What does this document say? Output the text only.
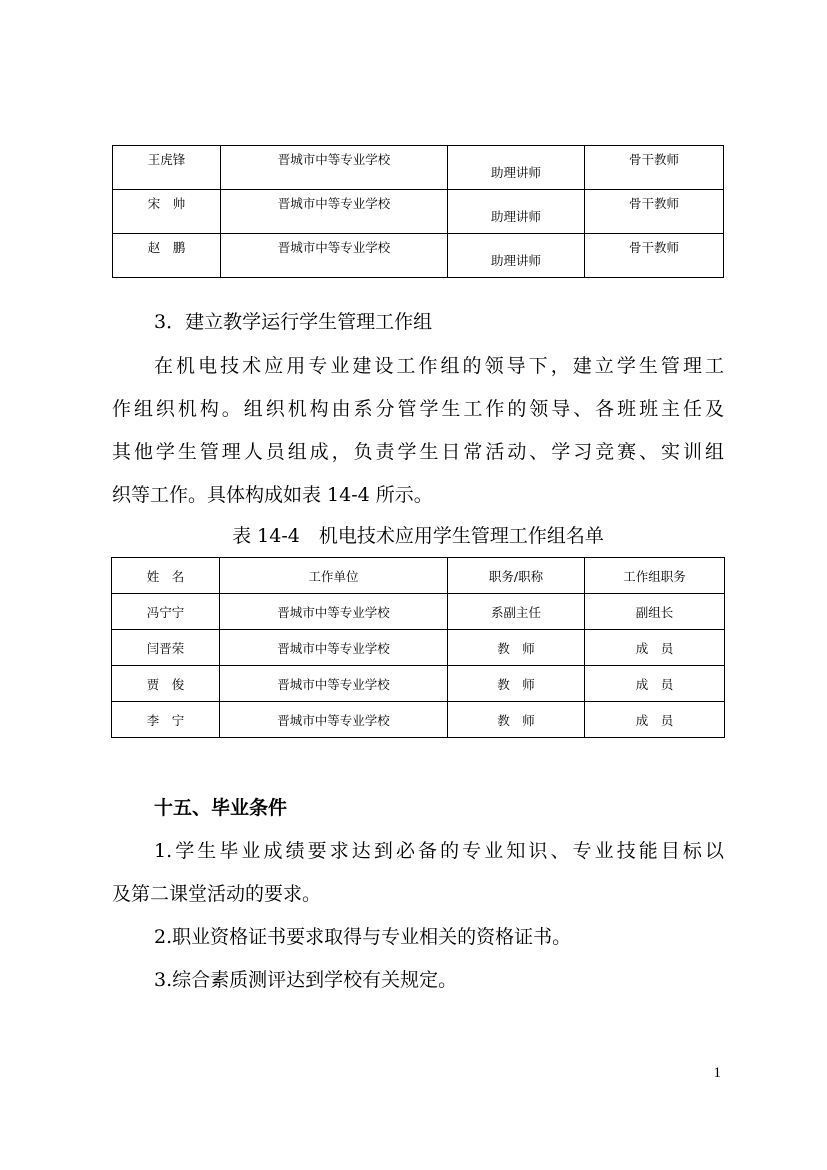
王虎锋	晋城市中等专业学校	助理讲师	骨干教师
宋　帅	晋城市中等专业学校	助理讲师	骨干教师
赵　鹏	晋城市中等专业学校	助理讲师	骨干教师

3．建立教学运行学生管理工作组

在机电技术应用专业建设工作组的领导下，建立学生管理工

作组织机构。组织机构由系分管学生工作的领导、各班班主任及

其他学生管理人员组成，负责学生日常活动、学习竞赛、实训组

织等工作。具体构成如表 14-4 所示。

表 14-4　机电技术应用学生管理工作组名单
姓　名	工作单位	职务/职称	工作组职务
冯宁宁	晋城市中等专业学校	系副主任	副组长
闫晋荣	晋城市中等专业学校	教　师	成　员
贾　俊	晋城市中等专业学校	教　师	成　员
李　宁	晋城市中等专业学校	教　师	成　员

十五、毕业条件

1.学生毕业成绩要求达到必备的专业知识、专业技能目标以

及第二课堂活动的要求。

2.职业资格证书要求取得与专业相关的资格证书。

3.综合素质测评达到学校有关规定。

1
